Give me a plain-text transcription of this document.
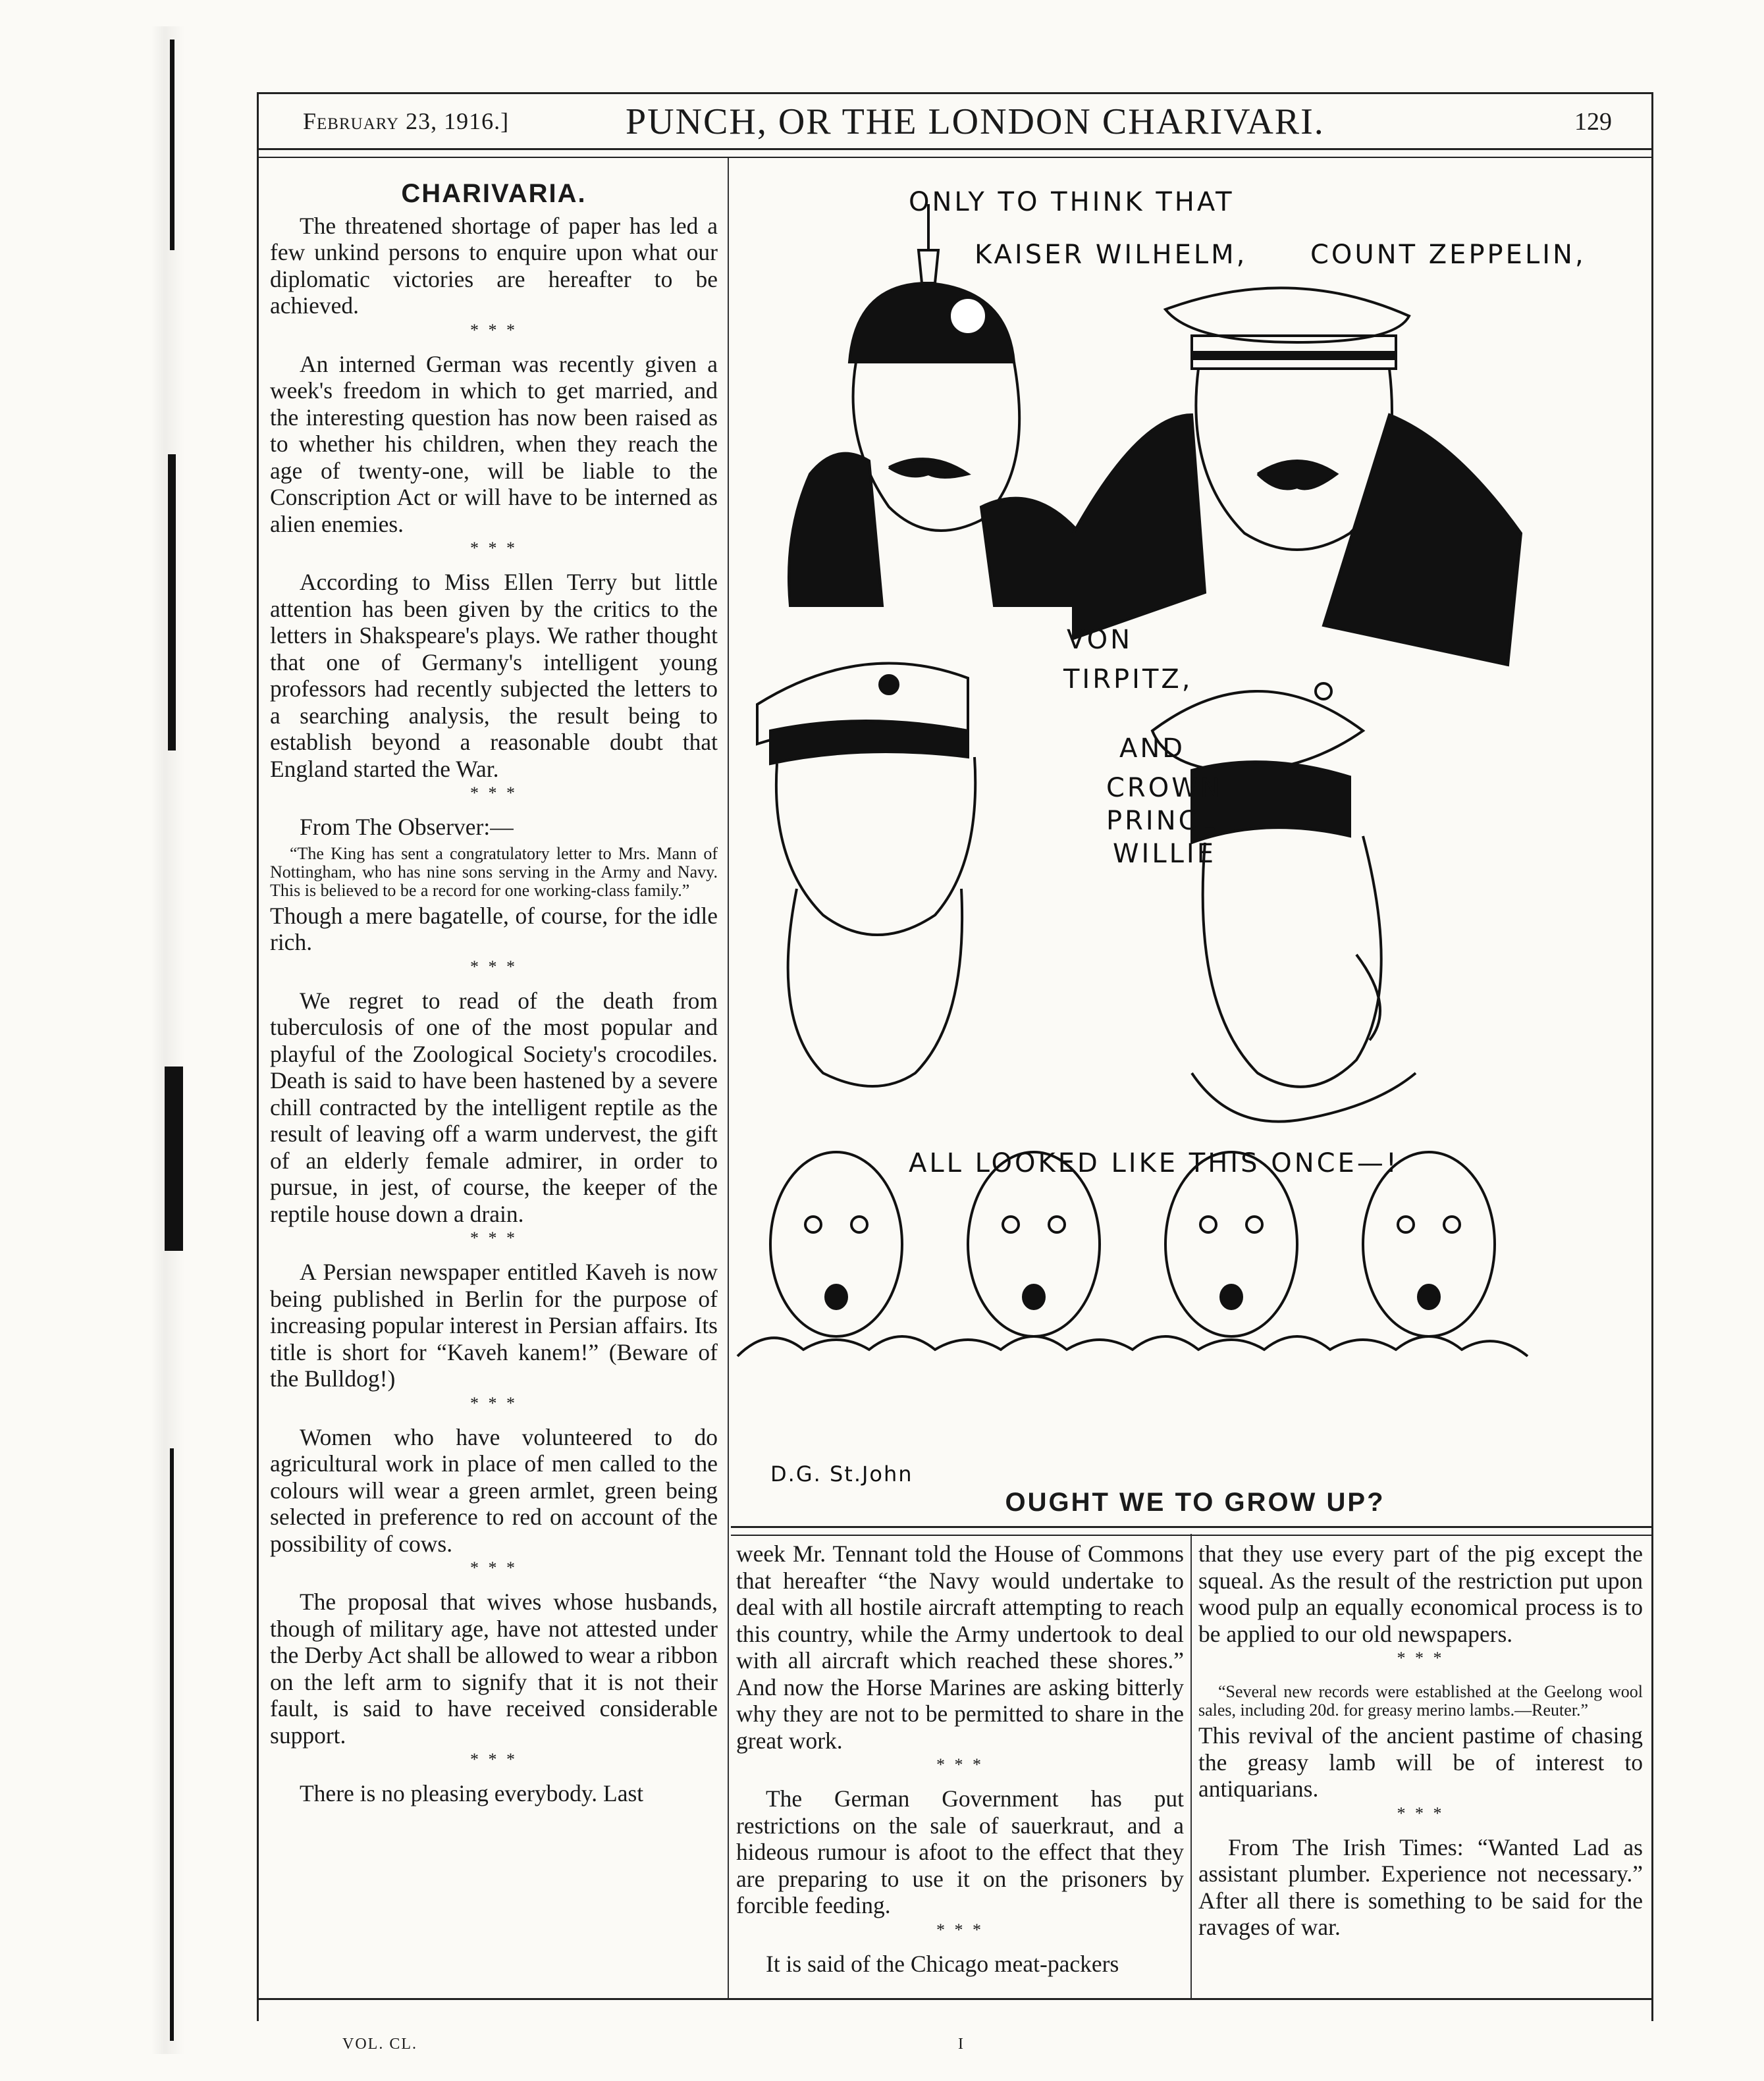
February 23, 1916.]	PUNCH, OR THE LONDON CHARIVARI.	129
CHARIVARIA.

The threatened shortage of paper has led a few unkind persons to enquire upon what our diplomatic victories are hereafter to be achieved.

* * *

An interned German was recently given a week's freedom in which to get married, and the interesting question has now been raised as to whether his children, when they reach the age of twenty-one, will be liable to the Conscription Act or will have to be interned as alien enemies.

* * *

According to Miss Ellen Terry but little attention has been given by the critics to the letters in Shakspeare's plays. We rather thought that one of Germany's intelligent young professors had recently subjected the letters to a searching analysis, the result being to establish beyond a reasonable doubt that England started the War.

* * *

From The Observer:—

“The King has sent a congratulatory letter to Mrs. Mann of Nottingham, who has nine sons serving in the Army and Navy. This is believed to be a record for one working-class family.”

Though a mere bagatelle, of course, for the idle rich.

* * *

We regret to read of the death from tuberculosis of one of the most popular and playful of the Zoological Society's crocodiles. Death is said to have been hastened by a severe chill contracted by the intelligent reptile as the result of leaving off a warm undervest, the gift of an elderly female admirer, in order to pursue, in jest, of course, the keeper of the reptile house down a drain.

* * *

A Persian newspaper entitled Kaveh is now being published in Berlin for the purpose of increasing popular interest in Persian affairs. Its title is short for “Kaveh kanem!” (Beware of the Bulldog!)

* * *

Women who have volunteered to do agricultural work in place of men called to the colours will wear a green armlet, green being selected in preference to red on account of the possibility of cows.

* * *

The proposal that wives whose husbands, though of military age, have not attested under the Derby Act shall be allowed to wear a ribbon on the left arm to signify that it is not their fault, is said to have received considerable support.

* * *

There is no pleasing everybody. Last

ONLY TO THINK THAT
KAISER WILHELM, COUNT ZEPPELIN,
VON
TIRPITZ,
AND
CROWN
PRINCE
WILLIE
ALL LOOKED LIKE THIS ONCE—!
D.G. St.John
OUGHT WE TO GROW UP?

week Mr. Tennant told the House of Commons that hereafter “the Navy would undertake to deal with all hostile aircraft attempting to reach this country, while the Army undertook to deal with all aircraft which reached these shores.” And now the Horse Marines are asking bitterly why they are not to be permitted to share in the great work.

* * *

The German Government has put restrictions on the sale of sauerkraut, and a hideous rumour is afoot to the effect that they are preparing to use it on the prisoners by forcible feeding.

* * *

It is said of the Chicago meat-packers

that they use every part of the pig except the squeal. As the result of the restriction put upon wood pulp an equally economical process is to be applied to our old newspapers.

* * *

“Several new records were established at the Geelong wool sales, including 20d. for greasy merino lambs.—Reuter.”

This revival of the ancient pastime of chasing the greasy lamb will be of interest to antiquarians.

* * *

From The Irish Times: “Wanted Lad as assistant plumber. Experience not necessary.” After all there is something to be said for the ravages of war.

VOL. CL.	I
